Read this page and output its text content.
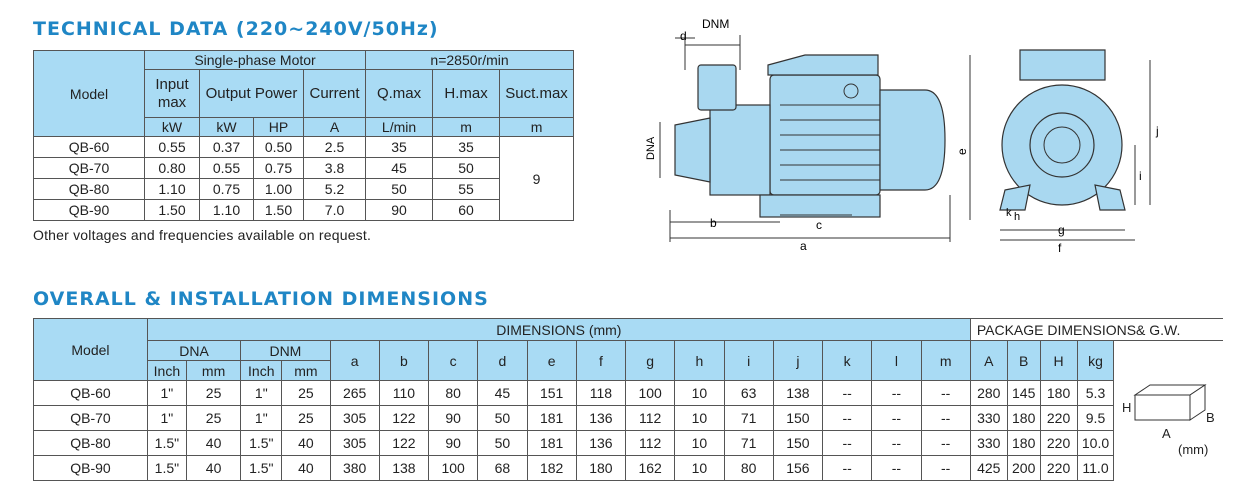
TECHNICAL DATA (220~240V/50Hz)
Model	Single-phase Motor				n=2850r/min		
	Input max	Output Power		Current	Q.max	H.max	Suct.max
	kW	kW	HP	A	L/min	m	m
QB-60	0.55	0.37	0.50	2.5	35	35	9
QB-70	0.80	0.55	0.75	3.8	45	50	
QB-80	1.10	0.75	1.00	5.2	50	55	
QB-90	1.50	1.10	1.50	7.0	90	60	
Other voltages and frequencies available on request.
DNM
d
DNA
b	c
a
e
h
k
g
f
j
i
OVERALL & INSTALLATION DIMENSIONS
Model	DIMENSIONS (mm)																	PACKAGE DIMENSIONS& G.W.				
	DNA		DNM		a	b	c	d	e	f	g	h	i	j	k	l	m	A	B	H	kg	
	Inch	mm	Inch	mm																		
QB-60	1"	25	1"	25	265	110	80	45	151	118	100	10	63	138	--	--	--	280	145	180	5.3	
QB-70	1"	25	1"	25	305	122	90	50	181	136	112	10	71	150	--	--	--	330	180	220	9.5	
QB-80	1.5"	40	1.5"	40	305	122	90	50	181	136	112	10	71	150	--	--	--	330	180	220	10.0	
QB-90	1.5"	40	1.5"	40	380	138	100	68	182	180	162	10	80	156	--	--	--	425	200	220	11.0	
H
B
A
(mm)
